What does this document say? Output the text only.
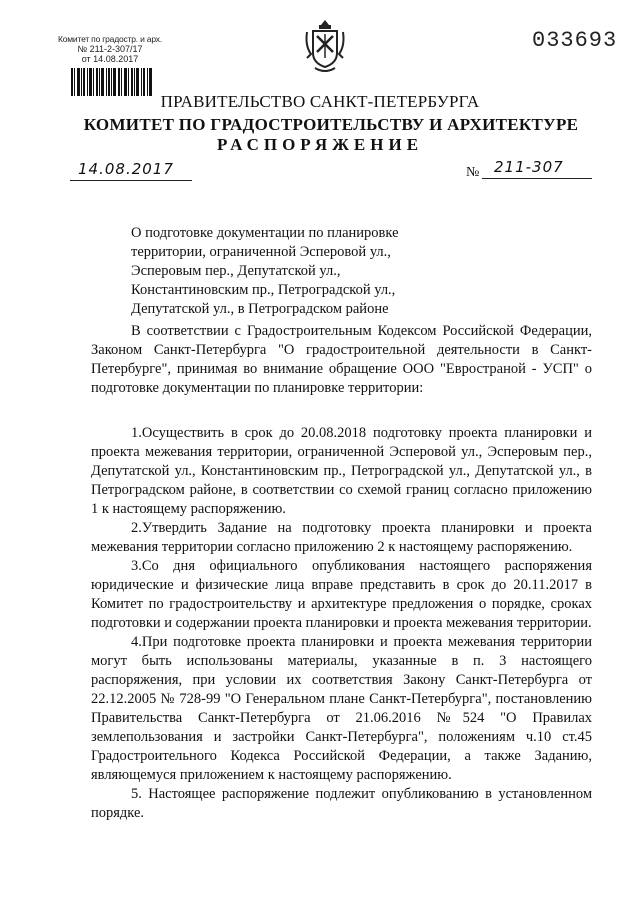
Комитет по градостр. и арх.
№ 211-2-307/17
от 14.08.2017
033693
ПРАВИТЕЛЬСТВО САНКТ-ПЕТЕРБУРГА
КОМИТЕТ ПО ГРАДОСТРОИТЕЛЬСТВУ И АРХИТЕКТУРЕ
РАСПОРЯЖЕНИЕ
14.08.2017	№ 211-307
О подготовке документации по планировке
территории, ограниченной Эсперовой ул.,
Эсперовым пер., Депутатской ул.,
Константиновским пр., Петроградской ул.,
Депутатской ул., в Петроградском районе

В соответствии с Градостроительным Кодексом Российской Федерации, Законом Санкт-Петербурга "О градостроительной деятельности в Санкт-Петербурге", принимая во внимание обращение ООО "Евространой - УСП" о подготовке документации по планировке территории:

1.Осуществить в срок до 20.08.2018 подготовку проекта планировки и проекта межевания территории, ограниченной Эсперовой ул., Эсперовым пер., Депутатской ул., Константиновским пр., Петроградской ул., Депутатской ул., в Петроградском районе, в соответствии со схемой границ согласно приложению 1 к настоящему распоряжению.

2.Утвердить Задание на подготовку проекта планировки и проекта межевания территории согласно приложению 2 к настоящему распоряжению.

3.Со дня официального опубликования настоящего распоряжения юридические и физические лица вправе представить в срок до 20.11.2017 в Комитет по градостроительству и архитектуре предложения о порядке, сроках подготовки и содержании проекта планировки и проекта межевания территории.

4.При подготовке проекта планировки и проекта межевания территории могут быть использованы материалы, указанные в п. 3 настоящего распоряжения, при условии их соответствия Закону Санкт-Петербурга от 22.12.2005 № 728-99 "О Генеральном плане Санкт-Петербурга", постановлению Правительства Санкт-Петербурга от 21.06.2016 №524 "О Правилах землепользования и застройки Санкт-Петербурга", положениям ч.10 ст.45 Градостроительного Кодекса Российской Федерации, а также Заданию, являющемуся приложением к настоящему распоряжению.

5. Настоящее распоряжение подлежит опубликованию в установленном порядке.
